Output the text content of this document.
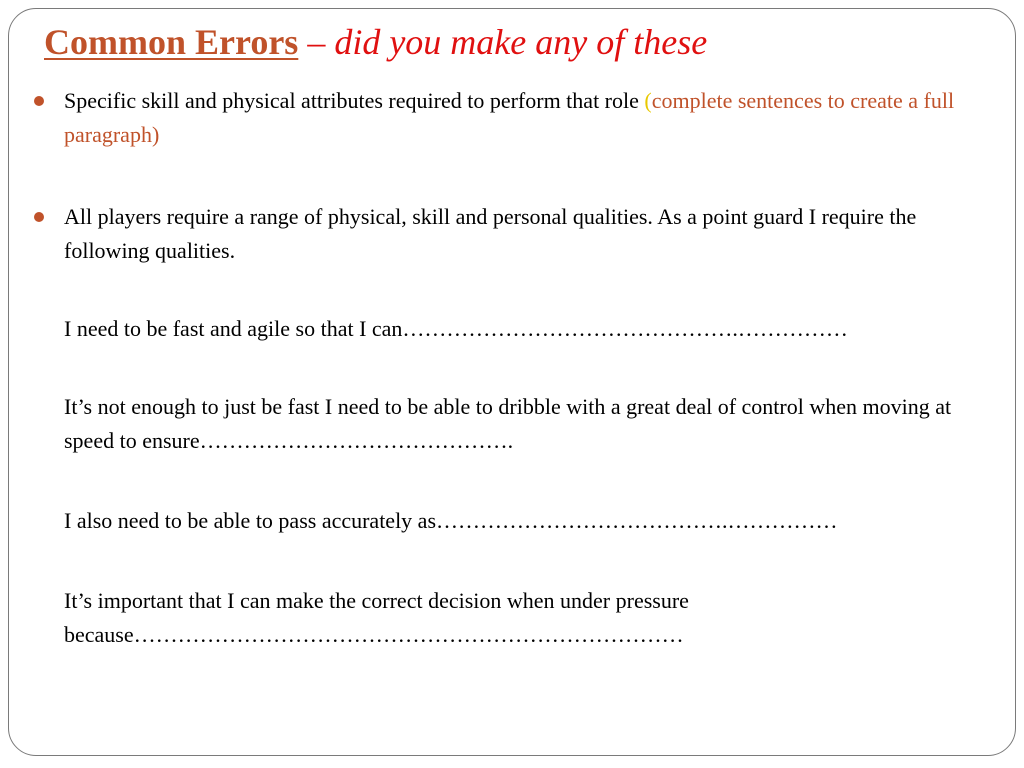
Common Errors – did you make any of these
Specific skill and physical attributes required to perform that role (complete sentences to create a full paragraph)
All players require a range of physical, skill and personal qualities. As a point guard I require the following qualities.
I need to be fast and agile so that I can……………………………………….……………
It’s not enough to just be fast I need to be able to dribble with a great deal of control when moving at speed to ensure…………………………………….
I also need to be able to pass accurately as………………………………….……………
It’s important that I can make the correct decision when under pressure because…………………………………………………………………
